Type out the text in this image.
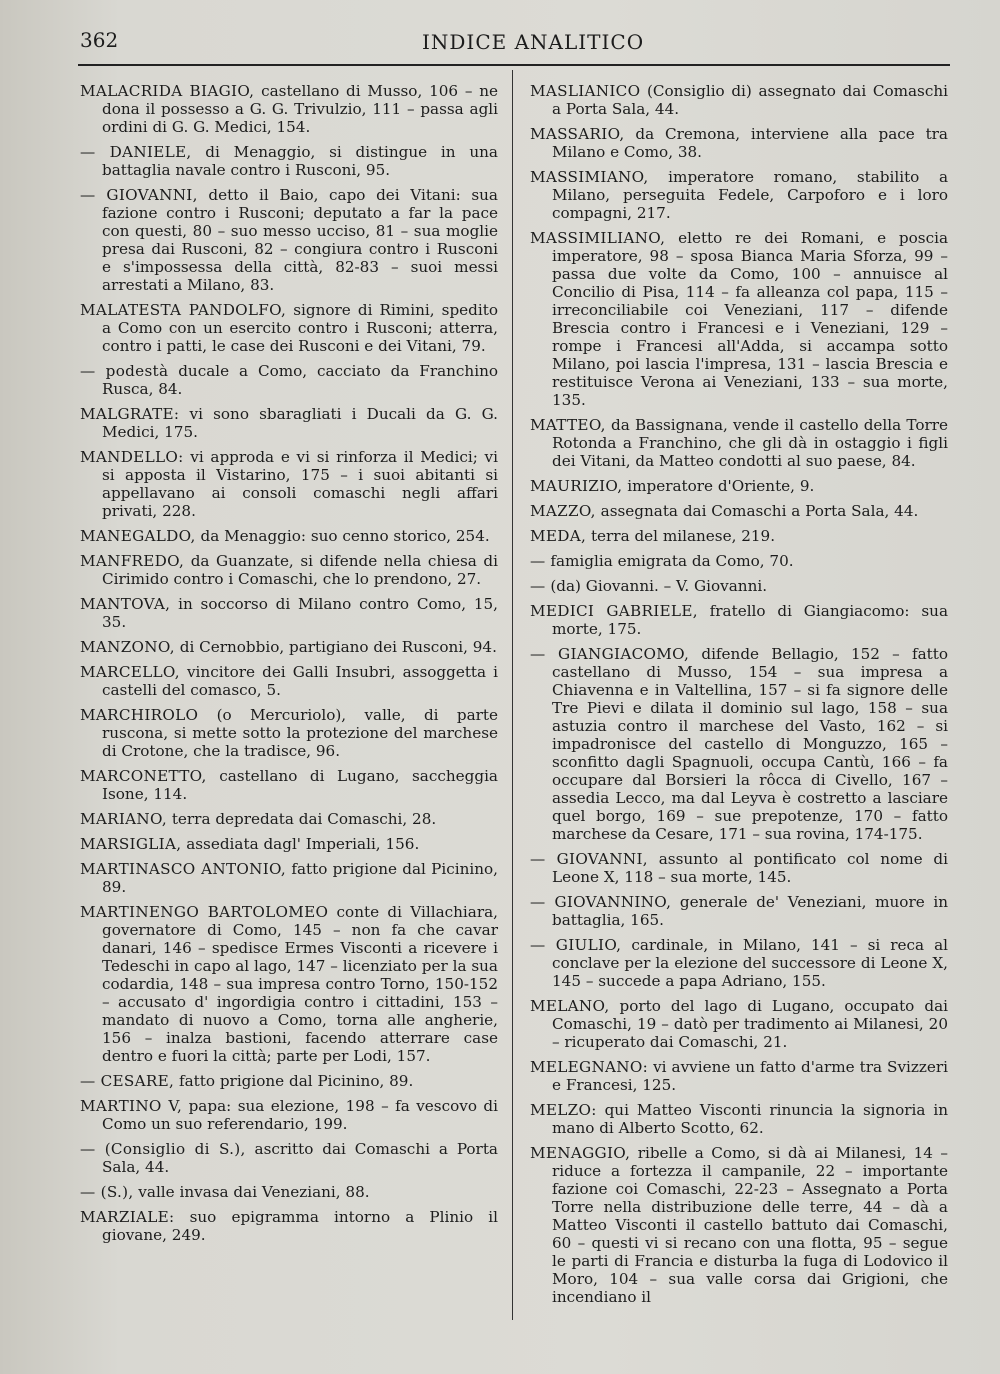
362	INDICE ANALITICO

MALACRIDA BIAGIO, castellano di Musso, 106 – ne dona il possesso a G. G. Trivulzio, 111 – passa agli ordini di G. G. Medici, 154.

— DANIELE, di Menaggio, si distingue in una battaglia navale contro i Rusconi, 95.

— GIOVANNI, detto il Baio, capo dei Vitani: sua fazione contro i Rusconi; deputato a far la pace con questi, 80 – suo messo ucciso, 81 – sua moglie presa dai Rusconi, 82 – congiura contro i Rusconi e s'impossessa della città, 82-83 – suoi messi arrestati a Milano, 83.

MALATESTA PANDOLFO, signore di Rimini, spedito a Como con un esercito contro i Rusconi; atterra, contro i patti, le case dei Rusconi e dei Vitani, 79.

— podestà ducale a Como, cacciato da Franchino Rusca, 84.

MALGRATE: vi sono sbaragliati i Ducali da G. G. Medici, 175.

MANDELLO: vi approda e vi si rinforza il Medici; vi si apposta il Vistarino, 175 – i suoi abitanti si appellavano ai consoli comaschi negli affari privati, 228.

MANEGALDO, da Menaggio: suo cenno storico, 254.

MANFREDO, da Guanzate, si difende nella chiesa di Cirimido contro i Comaschi, che lo prendono, 27.

MANTOVA, in soccorso di Milano contro Como, 15, 35.

MANZONO, di Cernobbio, partigiano dei Rusconi, 94.

MARCELLO, vincitore dei Galli Insubri, assoggetta i castelli del comasco, 5.

MARCHIROLO (o Mercuriolo), valle, di parte ruscona, si mette sotto la protezione del marchese di Crotone, che la tradisce, 96.

MARCONETTO, castellano di Lugano, saccheggia Isone, 114.

MARIANO, terra depredata dai Comaschi, 28.

MARSIGLIA, assediata dagl' Imperiali, 156.

MARTINASCO ANTONIO, fatto prigione dal Picinino, 89.

MARTINENGO BARTOLOMEO conte di Villachiara, governatore di Como, 145 – non fa che cavar danari, 146 – spedisce Ermes Visconti a ricevere i Tedeschi in capo al lago, 147 – licenziato per la sua codardia, 148 – sua impresa contro Torno, 150-152 – accusato d' ingordigia contro i cittadini, 153 – mandato di nuovo a Como, torna alle angherie, 156 – inalza bastioni, facendo atterrare case dentro e fuori la città; parte per Lodi, 157.

— CESARE, fatto prigione dal Picinino, 89.

MARTINO V, papa: sua elezione, 198 – fa vescovo di Como un suo referendario, 199.

— (Consiglio di S.), ascritto dai Comaschi a Porta Sala, 44.

— (S.), valle invasa dai Veneziani, 88.

MARZIALE: suo epigramma intorno a Plinio il giovane, 249.

MASLIANICO (Consiglio di) assegnato dai Comaschi a Porta Sala, 44.

MASSARIO, da Cremona, interviene alla pace tra Milano e Como, 38.

MASSIMIANO, imperatore romano, stabilito a Milano, perseguita Fedele, Carpoforo e i loro compagni, 217.

MASSIMILIANO, eletto re dei Romani, e poscia imperatore, 98 – sposa Bianca Maria Sforza, 99 – passa due volte da Como, 100 – annuisce al Concilio di Pisa, 114 – fa alleanza col papa, 115 – irreconciliabile coi Veneziani, 117 – difende Brescia contro i Francesi e i Veneziani, 129 – rompe i Francesi all'Adda, si accampa sotto Milano, poi lascia l'impresa, 131 – lascia Brescia e restituisce Verona ai Veneziani, 133 – sua morte, 135.

MATTEO, da Bassignana, vende il castello della Torre Rotonda a Franchino, che gli dà in ostaggio i figli dei Vitani, da Matteo condotti al suo paese, 84.

MAURIZIO, imperatore d'Oriente, 9.

MAZZO, assegnata dai Comaschi a Porta Sala, 44.

MEDA, terra del milanese, 219.

— famiglia emigrata da Como, 70.

— (da) Giovanni. – V. Giovanni.

MEDICI GABRIELE, fratello di Giangiacomo: sua morte, 175.

— GIANGIACOMO, difende Bellagio, 152 – fatto castellano di Musso, 154 – sua impresa a Chiavenna e in Valtellina, 157 – si fa signore delle Tre Pievi e dilata il dominio sul lago, 158 – sua astuzia contro il marchese del Vasto, 162 – si impadronisce del castello di Monguzzo, 165 – sconfitto dagli Spagnuoli, occupa Cantù, 166 – fa occupare dal Borsieri la rôcca di Civello, 167 – assedia Lecco, ma dal Leyva è costretto a lasciare quel borgo, 169 – sue prepotenze, 170 – fatto marchese da Cesare, 171 – sua rovina, 174-175.

— GIOVANNI, assunto al pontificato col nome di Leone X, 118 – sua morte, 145.

— GIOVANNINO, generale de' Veneziani, muore in battaglia, 165.

— GIULIO, cardinale, in Milano, 141 – si reca al conclave per la elezione del successore di Leone X, 145 – succede a papa Adriano, 155.

MELANO, porto del lago di Lugano, occupato dai Comaschi, 19 – datò per tradimento ai Milanesi, 20 – ricuperato dai Comaschi, 21.

MELEGNANO: vi avviene un fatto d'arme tra Svizzeri e Francesi, 125.

MELZO: qui Matteo Visconti rinuncia la signoria in mano di Alberto Scotto, 62.

MENAGGIO, ribelle a Como, si dà ai Milanesi, 14 – riduce a fortezza il campanile, 22 – importante fazione coi Comaschi, 22-23 – Assegnato a Porta Torre nella distribuzione delle terre, 44 – dà a Matteo Visconti il castello battuto dai Comaschi, 60 – questi vi si recano con una flotta, 95 – segue le parti di Francia e disturba la fuga di Lodovico il Moro, 104 – sua valle corsa dai Grigioni, che incendiano il
